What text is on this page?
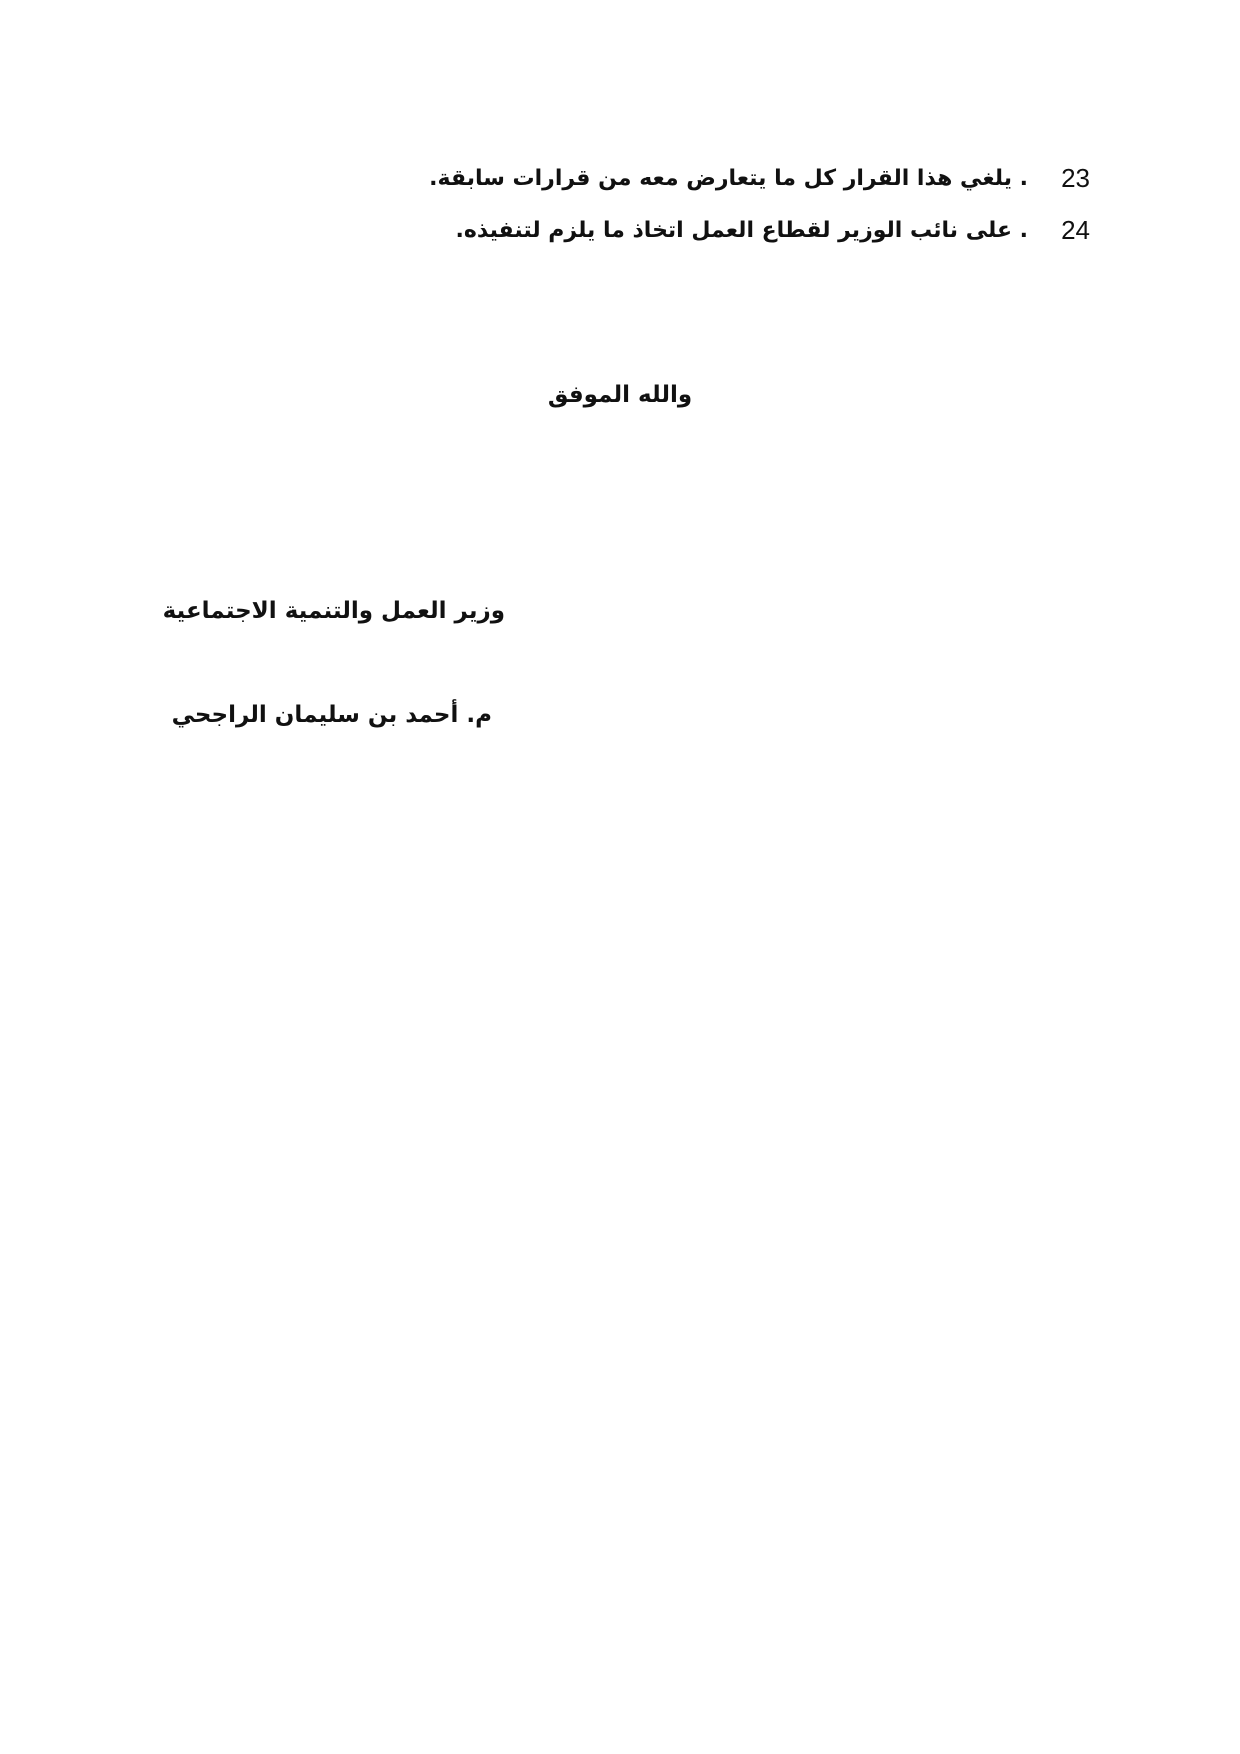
23
. يلغي هذا القرار كل ما يتعارض معه من قرارات سابقة.
24
. على نائب الوزير لقطاع العمل اتخاذ ما يلزم لتنفيذه.
والله الموفق
وزير العمل والتنمية الاجتماعية
م. أحمد بن سليمان الراجحي
